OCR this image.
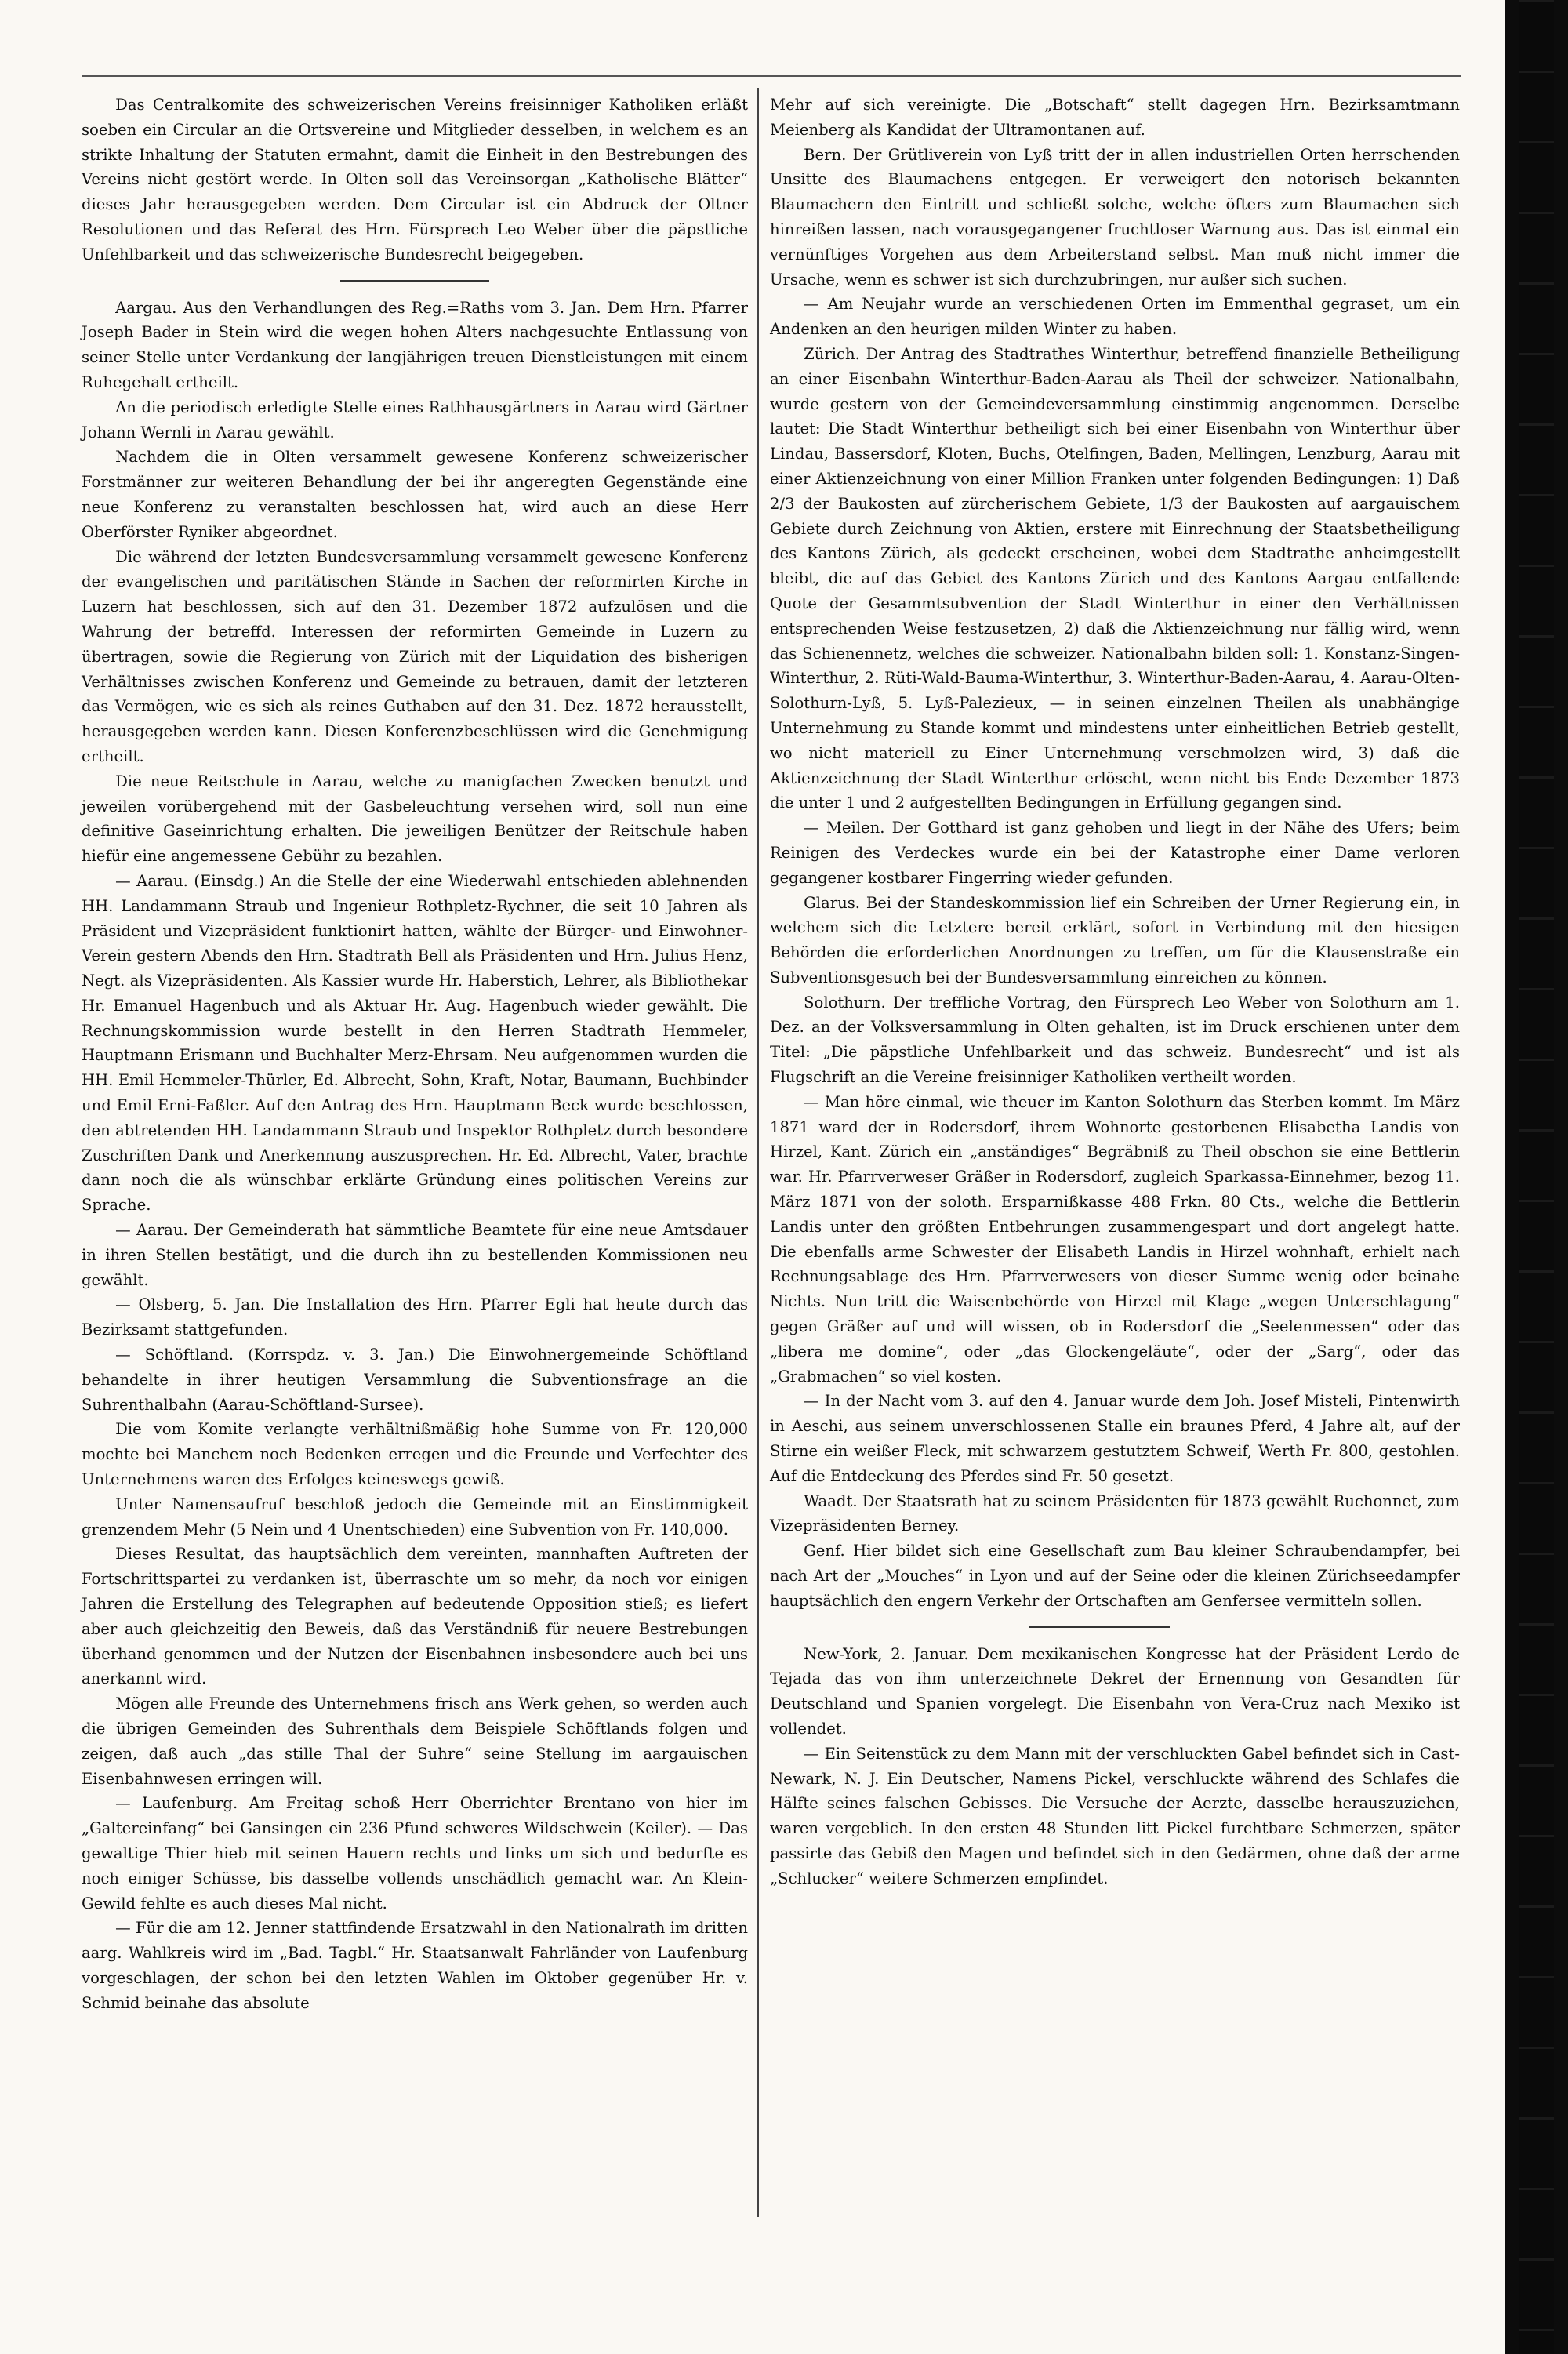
Das Centralkomite des schweizerischen Vereins freisinniger Katholiken erläßt soeben ein Circular an die Ortsvereine und Mitglieder desselben, in welchem es an strikte Inhaltung der Statuten ermahnt, damit die Einheit in den Bestrebungen des Vereins nicht gestört werde. In Olten soll das Vereinsorgan „Katholische Blätter“ dieses Jahr herausgegeben werden. Dem Circular ist ein Abdruck der Oltner Resolutionen und das Referat des Hrn. Fürsprech Leo Weber über die päpstliche Unfehlbarkeit und das schweizerische Bundesrecht beigegeben.

Aargau. Aus den Verhandlungen des Reg.=Raths vom 3. Jan. Dem Hrn. Pfarrer Joseph Bader in Stein wird die wegen hohen Alters nachgesuchte Entlassung von seiner Stelle unter Verdankung der langjährigen treuen Dienstleistungen mit einem Ruhegehalt ertheilt.

An die periodisch erledigte Stelle eines Rathhausgärtners in Aarau wird Gärtner Johann Wernli in Aarau gewählt.

Nachdem die in Olten versammelt gewesene Konferenz schweizerischer Forstmänner zur weiteren Behandlung der bei ihr angeregten Gegenstände eine neue Konferenz zu veranstalten beschlossen hat, wird auch an diese Herr Oberförster Ryniker abgeordnet.

Die während der letzten Bundesversammlung versammelt gewesene Konferenz der evangelischen und paritätischen Stände in Sachen der reformirten Kirche in Luzern hat beschlossen, sich auf den 31. Dezember 1872 aufzulösen und die Wahrung der betreffd. Interessen der reformirten Gemeinde in Luzern zu übertragen, sowie die Regierung von Zürich mit der Liquidation des bisherigen Verhältnisses zwischen Konferenz und Gemeinde zu betrauen, damit der letzteren das Vermögen, wie es sich als reines Guthaben auf den 31. Dez. 1872 herausstellt, herausgegeben werden kann. Diesen Konferenzbeschlüssen wird die Genehmigung ertheilt.

Die neue Reitschule in Aarau, welche zu manigfachen Zwecken benutzt und jeweilen vorübergehend mit der Gasbeleuchtung versehen wird, soll nun eine definitive Gaseinrichtung erhalten. Die jeweiligen Benützer der Reitschule haben hiefür eine angemessene Gebühr zu bezahlen.

— Aarau. (Einsdg.) An die Stelle der eine Wiederwahl entschieden ablehnenden HH. Landammann Straub und Ingenieur Rothpletz-Rychner, die seit 10 Jahren als Präsident und Vizepräsident funktionirt hatten, wählte der Bürger- und Einwohner-Verein gestern Abends den Hrn. Stadtrath Bell als Präsidenten und Hrn. Julius Henz, Negt. als Vizepräsidenten. Als Kassier wurde Hr. Haberstich, Lehrer, als Bibliothekar Hr. Emanuel Hagenbuch und als Aktuar Hr. Aug. Hagenbuch wieder gewählt. Die Rechnungskommission wurde bestellt in den Herren Stadtrath Hemmeler, Hauptmann Erismann und Buchhalter Merz-Ehrsam. Neu aufgenommen wurden die HH. Emil Hemmeler-Thürler, Ed. Albrecht, Sohn, Kraft, Notar, Baumann, Buchbinder und Emil Erni-Faßler. Auf den Antrag des Hrn. Hauptmann Beck wurde beschlossen, den abtretenden HH. Landammann Straub und Inspektor Rothpletz durch besondere Zuschriften Dank und Anerkennung auszusprechen. Hr. Ed. Albrecht, Vater, brachte dann noch die als wünschbar erklärte Gründung eines politischen Vereins zur Sprache.

— Aarau. Der Gemeinderath hat sämmtliche Beamtete für eine neue Amtsdauer in ihren Stellen bestätigt, und die durch ihn zu bestellenden Kommissionen neu gewählt.

— Olsberg, 5. Jan. Die Installation des Hrn. Pfarrer Egli hat heute durch das Bezirksamt stattgefunden.

— Schöftland. (Korrspdz. v. 3. Jan.) Die Einwohnergemeinde Schöftland behandelte in ihrer heutigen Versammlung die Subventionsfrage an die Suhrenthalbahn (Aarau-Schöftland-Sursee).

Die vom Komite verlangte verhältnißmäßig hohe Summe von Fr. 120,000 mochte bei Manchem noch Bedenken erregen und die Freunde und Verfechter des Unternehmens waren des Erfolges keineswegs gewiß.

Unter Namensaufruf beschloß jedoch die Gemeinde mit an Einstimmigkeit grenzendem Mehr (5 Nein und 4 Unentschieden) eine Subvention von Fr. 140,000.

Dieses Resultat, das hauptsächlich dem vereinten, mannhaften Auftreten der Fortschrittspartei zu verdanken ist, überraschte um so mehr, da noch vor einigen Jahren die Erstellung des Telegraphen auf bedeutende Opposition stieß; es liefert aber auch gleichzeitig den Beweis, daß das Verständniß für neuere Bestrebungen überhand genommen und der Nutzen der Eisenbahnen insbesondere auch bei uns anerkannt wird.

Mögen alle Freunde des Unternehmens frisch ans Werk gehen, so werden auch die übrigen Gemeinden des Suhrenthals dem Beispiele Schöftlands folgen und zeigen, daß auch „das stille Thal der Suhre“ seine Stellung im aargauischen Eisenbahnwesen erringen will.

— Laufenburg. Am Freitag schoß Herr Oberrichter Brentano von hier im „Galtereinfang“ bei Gansingen ein 236 Pfund schweres Wildschwein (Keiler). — Das gewaltige Thier hieb mit seinen Hauern rechts und links um sich und bedurfte es noch einiger Schüsse, bis dasselbe vollends unschädlich gemacht war. An Klein-Gewild fehlte es auch dieses Mal nicht.

— Für die am 12. Jenner stattfindende Ersatzwahl in den Nationalrath im dritten aarg. Wahlkreis wird im „Bad. Tagbl.“ Hr. Staatsanwalt Fahrländer von Laufenburg vorgeschlagen, der schon bei den letzten Wahlen im Oktober gegenüber Hr. v. Schmid beinahe das absolute

Mehr auf sich vereinigte. Die „Botschaft“ stellt dagegen Hrn. Bezirksamtmann Meienberg als Kandidat der Ultramontanen auf.

Bern. Der Grütliverein von Lyß tritt der in allen industriellen Orten herrschenden Unsitte des Blaumachens entgegen. Er verweigert den notorisch bekannten Blaumachern den Eintritt und schließt solche, welche öfters zum Blaumachen sich hinreißen lassen, nach vorausgegangener fruchtloser Warnung aus. Das ist einmal ein vernünftiges Vorgehen aus dem Arbeiterstand selbst. Man muß nicht immer die Ursache, wenn es schwer ist sich durchzubringen, nur außer sich suchen.

— Am Neujahr wurde an verschiedenen Orten im Emmenthal gegraset, um ein Andenken an den heurigen milden Winter zu haben.

Zürich. Der Antrag des Stadtrathes Winterthur, betreffend finanzielle Betheiligung an einer Eisenbahn Winterthur-Baden-Aarau als Theil der schweizer. Nationalbahn, wurde gestern von der Gemeindeversammlung einstimmig angenommen. Derselbe lautet: Die Stadt Winterthur betheiligt sich bei einer Eisenbahn von Winterthur über Lindau, Bassersdorf, Kloten, Buchs, Otelfingen, Baden, Mellingen, Lenzburg, Aarau mit einer Aktienzeichnung von einer Million Franken unter folgenden Bedingungen: 1) Daß 2/3 der Baukosten auf zürcherischem Gebiete, 1/3 der Baukosten auf aargauischem Gebiete durch Zeichnung von Aktien, erstere mit Einrechnung der Staatsbetheiligung des Kantons Zürich, als gedeckt erscheinen, wobei dem Stadtrathe anheimgestellt bleibt, die auf das Gebiet des Kantons Zürich und des Kantons Aargau entfallende Quote der Gesammtsubvention der Stadt Winterthur in einer den Verhältnissen entsprechenden Weise festzusetzen, 2) daß die Aktienzeichnung nur fällig wird, wenn das Schienennetz, welches die schweizer. Nationalbahn bilden soll: 1. Konstanz-Singen-Winterthur, 2. Rüti-Wald-Bauma-Winterthur, 3. Winterthur-Baden-Aarau, 4. Aarau-Olten-Solothurn-Lyß, 5. Lyß-Palezieux, — in seinen einzelnen Theilen als unabhängige Unternehmung zu Stande kommt und mindestens unter einheitlichen Betrieb gestellt, wo nicht materiell zu Einer Unternehmung verschmolzen wird, 3) daß die Aktienzeichnung der Stadt Winterthur erlöscht, wenn nicht bis Ende Dezember 1873 die unter 1 und 2 aufgestellten Bedingungen in Erfüllung gegangen sind.

— Meilen. Der Gotthard ist ganz gehoben und liegt in der Nähe des Ufers; beim Reinigen des Verdeckes wurde ein bei der Katastrophe einer Dame verloren gegangener kostbarer Fingerring wieder gefunden.

Glarus. Bei der Standeskommission lief ein Schreiben der Urner Regierung ein, in welchem sich die Letztere bereit erklärt, sofort in Verbindung mit den hiesigen Behörden die erforderlichen Anordnungen zu treffen, um für die Klausenstraße ein Subventionsgesuch bei der Bundesversammlung einreichen zu können.

Solothurn. Der treffliche Vortrag, den Fürsprech Leo Weber von Solothurn am 1. Dez. an der Volksversammlung in Olten gehalten, ist im Druck erschienen unter dem Titel: „Die päpstliche Unfehlbarkeit und das schweiz. Bundesrecht“ und ist als Flugschrift an die Vereine freisinniger Katholiken vertheilt worden.

— Man höre einmal, wie theuer im Kanton Solothurn das Sterben kommt. Im März 1871 ward der in Rodersdorf, ihrem Wohnorte gestorbenen Elisabetha Landis von Hirzel, Kant. Zürich ein „anständiges“ Begräbniß zu Theil obschon sie eine Bettlerin war. Hr. Pfarrverweser Gräßer in Rodersdorf, zugleich Sparkassa-Einnehmer, bezog 11. März 1871 von der soloth. Ersparnißkasse 488 Frkn. 80 Cts., welche die Bettlerin Landis unter den größten Entbehrungen zusammengespart und dort angelegt hatte. Die ebenfalls arme Schwester der Elisabeth Landis in Hirzel wohnhaft, erhielt nach Rechnungsablage des Hrn. Pfarrverwesers von dieser Summe wenig oder beinahe Nichts. Nun tritt die Waisenbehörde von Hirzel mit Klage „wegen Unterschlagung“ gegen Gräßer auf und will wissen, ob in Rodersdorf die „Seelenmessen“ oder das „libera me domine“, oder „das Glockengeläute“, oder der „Sarg“, oder das „Grabmachen“ so viel kosten.

— In der Nacht vom 3. auf den 4. Januar wurde dem Joh. Josef Misteli, Pintenwirth in Aeschi, aus seinem unverschlossenen Stalle ein braunes Pferd, 4 Jahre alt, auf der Stirne ein weißer Fleck, mit schwarzem gestutztem Schweif, Werth Fr. 800, gestohlen. Auf die Entdeckung des Pferdes sind Fr. 50 gesetzt.

Waadt. Der Staatsrath hat zu seinem Präsidenten für 1873 gewählt Ruchonnet, zum Vizepräsidenten Berney.

Genf. Hier bildet sich eine Gesellschaft zum Bau kleiner Schraubendampfer, bei nach Art der „Mouches“ in Lyon und auf der Seine oder die kleinen Zürichseedampfer hauptsächlich den engern Verkehr der Ortschaften am Genfersee vermitteln sollen.

New-York, 2. Januar. Dem mexikanischen Kongresse hat der Präsident Lerdo de Tejada das von ihm unterzeichnete Dekret der Ernennung von Gesandten für Deutschland und Spanien vorgelegt. Die Eisenbahn von Vera-Cruz nach Mexiko ist vollendet.

— Ein Seitenstück zu dem Mann mit der verschluckten Gabel befindet sich in Cast-Newark, N. J. Ein Deutscher, Namens Pickel, verschluckte während des Schlafes die Hälfte seines falschen Gebisses. Die Versuche der Aerzte, dasselbe herauszuziehen, waren vergeblich. In den ersten 48 Stunden litt Pickel furchtbare Schmerzen, später passirte das Gebiß den Magen und befindet sich in den Gedärmen, ohne daß der arme „Schlucker“ weitere Schmerzen empfindet.
